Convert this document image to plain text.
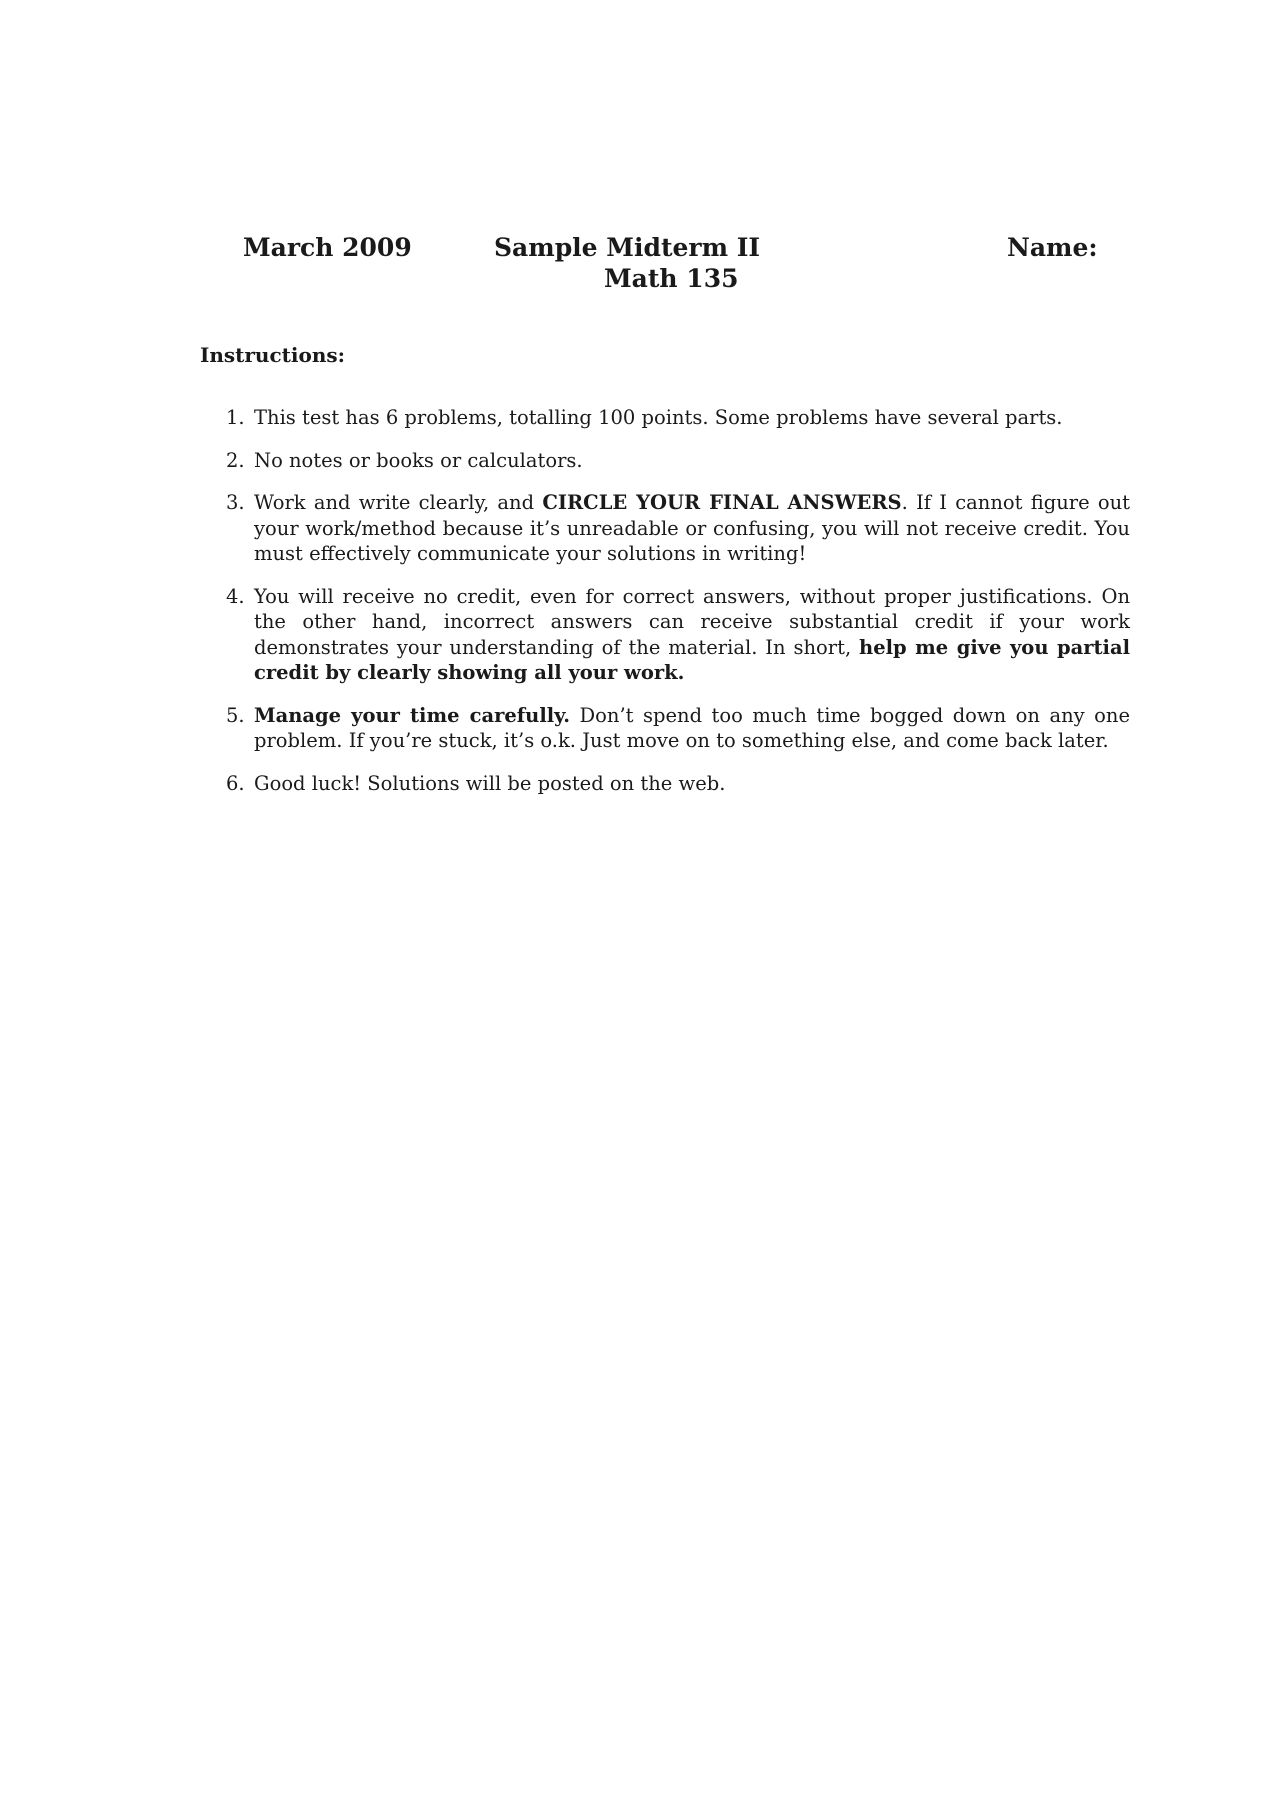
March 2009	Sample Midterm II
Math 135
Name:
Instructions:
1. This test has 6 problems, totalling 100 points. Some problems have several parts.
2. No notes or books or calculators.
3. Work and write clearly, and CIRCLE YOUR FINAL ANSWERS. If I cannot figure out your work/method because it’s unreadable or confusing, you will not receive credit. You must effectively communicate your solutions in writing!
4. You will receive no credit, even for correct answers, without proper justifications. On the other hand, incorrect answers can receive substantial credit if your work demonstrates your understanding of the material. In short, help me give you partial credit by clearly showing all your work.
5. Manage your time carefully. Don’t spend too much time bogged down on any one problem. If you’re stuck, it’s o.k. Just move on to something else, and come back later.
6. Good luck! Solutions will be posted on the web.
